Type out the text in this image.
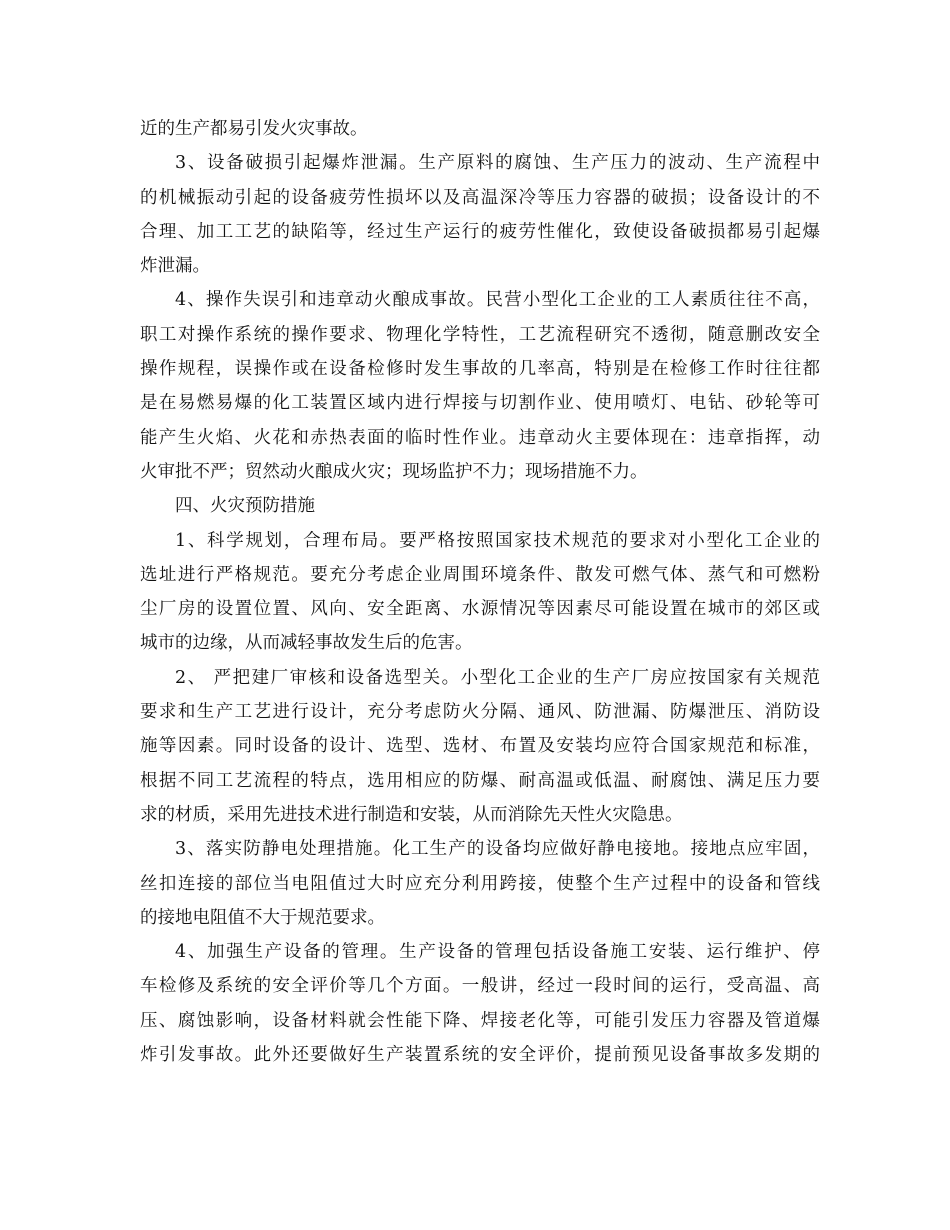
近的生产都易引发火灾事故。
3、设备破损引起爆炸泄漏。生产原料的腐蚀、生产压力的波动、生产流程中
的机械振动引起的设备疲劳性损坏以及高温深冷等压力容器的破损；设备设计的不
合理、加工工艺的缺陷等，经过生产运行的疲劳性催化，致使设备破损都易引起爆
炸泄漏。
4、操作失误引和违章动火酿成事故。民营小型化工企业的工人素质往往不高，
职工对操作系统的操作要求、物理化学特性，工艺流程研究不透彻，随意删改安全
操作规程，误操作或在设备检修时发生事故的几率高，特别是在检修工作时往往都
是在易燃易爆的化工装置区域内进行焊接与切割作业、使用喷灯、电钻、砂轮等可
能产生火焰、火花和赤热表面的临时性作业。违章动火主要体现在：违章指挥，动
火审批不严；贸然动火酿成火灾；现场监护不力；现场措施不力。
四、火灾预防措施
1、科学规划，合理布局。要严格按照国家技术规范的要求对小型化工企业的
选址进行严格规范。要充分考虑企业周围环境条件、散发可燃气体、蒸气和可燃粉
尘厂房的设置位置、风向、安全距离、水源情况等因素尽可能设置在城市的郊区或
城市的边缘，从而减轻事故发生后的危害。
2、 严把建厂审核和设备选型关。小型化工企业的生产厂房应按国家有关规范
要求和生产工艺进行设计，充分考虑防火分隔、通风、防泄漏、防爆泄压、消防设
施等因素。同时设备的设计、选型、选材、布置及安装均应符合国家规范和标准，
根据不同工艺流程的特点，选用相应的防爆、耐高温或低温、耐腐蚀、满足压力要
求的材质，采用先进技术进行制造和安装，从而消除先天性火灾隐患。
3、落实防静电处理措施。化工生产的设备均应做好静电接地。接地点应牢固，
丝扣连接的部位当电阻值过大时应充分利用跨接，使整个生产过程中的设备和管线
的接地电阻值不大于规范要求。
4、加强生产设备的管理。生产设备的管理包括设备施工安装、运行维护、停
车检修及系统的安全评价等几个方面。一般讲，经过一段时间的运行，受高温、高
压、腐蚀影响，设备材料就会性能下降、焊接老化等，可能引发压力容器及管道爆
炸引发事故。此外还要做好生产装置系统的安全评价，提前预见设备事故多发期的
